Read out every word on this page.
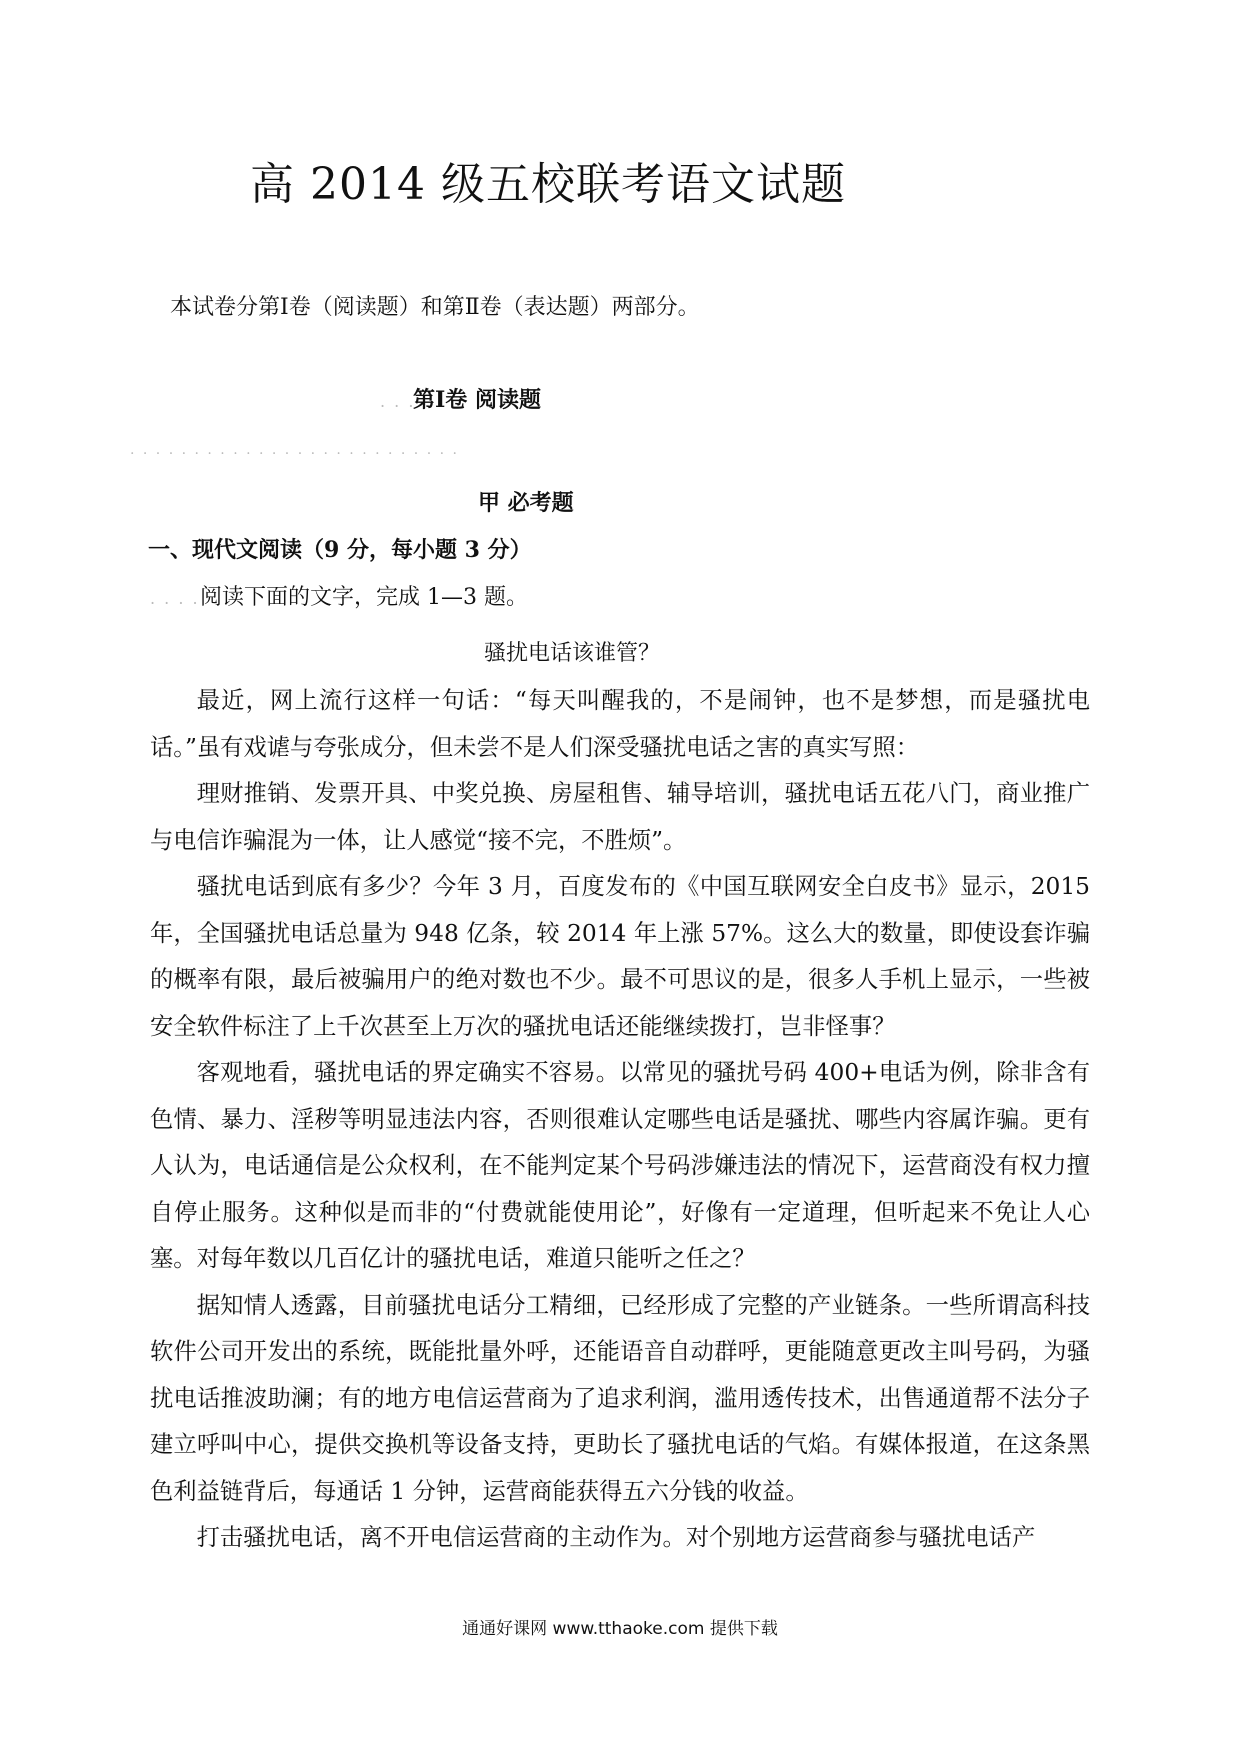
高 2014 级五校联考语文试题
本试卷分第Ⅰ卷（阅读题）和第Ⅱ卷（表达题）两部分。
. . .
第Ⅰ卷 阅读题
. . . . . . . . . . . . . . . . . . . . . . . . . .
甲 必考题
一、现代文阅读（9 分，每小题 3 分）
. . . . 阅读下面的文字，完成 1—3 题。
骚扰电话该谁管？

最近，网上流行这样一句话：“每天叫醒我的，不是闹钟，也不是梦想，而是骚扰电话。”虽有戏谑与夸张成分，但未尝不是人们深受骚扰电话之害的真实写照：

理财推销、发票开具、中奖兑换、房屋租售、辅导培训，骚扰电话五花八门，商业推广与电信诈骗混为一体，让人感觉“接不完，不胜烦”。

骚扰电话到底有多少？今年 3 月，百度发布的《中国互联网安全白皮书》显示，2015 年，全国骚扰电话总量为 948 亿条，较 2014 年上涨 57%。这么大的数量，即使设套诈骗的概率有限，最后被骗用户的绝对数也不少。最不可思议的是，很多人手机上显示，一些被安全软件标注了上千次甚至上万次的骚扰电话还能继续拨打，岂非怪事？

客观地看，骚扰电话的界定确实不容易。以常见的骚扰号码 400+电话为例，除非含有色情、暴力、淫秽等明显违法内容，否则很难认定哪些电话是骚扰、哪些内容属诈骗。更有人认为，电话通信是公众权利，在不能判定某个号码涉嫌违法的情况下，运营商没有权力擅自停止服务。这种似是而非的“付费就能使用论”，好像有一定道理，但听起来不免让人心塞。对每年数以几百亿计的骚扰电话，难道只能听之任之？

据知情人透露，目前骚扰电话分工精细，已经形成了完整的产业链条。一些所谓高科技软件公司开发出的系统，既能批量外呼，还能语音自动群呼，更能随意更改主叫号码，为骚扰电话推波助澜；有的地方电信运营商为了追求利润，滥用透传技术，出售通道帮不法分子建立呼叫中心，提供交换机等设备支持，更助长了骚扰电话的气焰。有媒体报道，在这条黑色利益链背后，每通话 1 分钟，运营商能获得五六分钱的收益。

打击骚扰电话，离不开电信运营商的主动作为。对个别地方运营商参与骚扰电话产

通通好课网 www.tthaoke.com 提供下载
